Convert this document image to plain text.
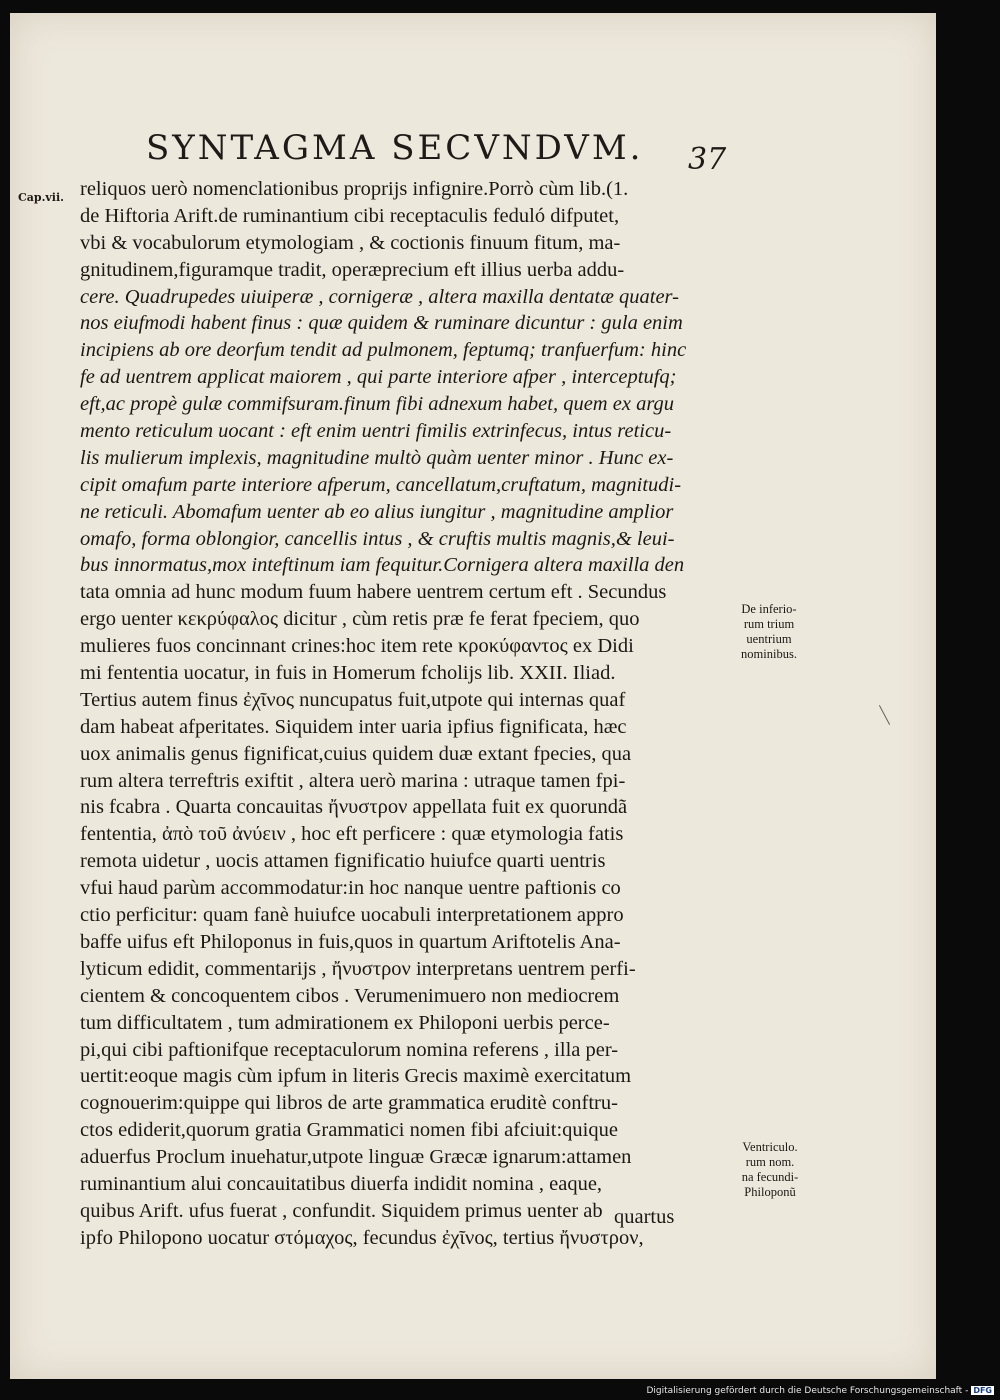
SYNTAGMA SECVNDVM. 37
Cap.vii. reliquos uerò nomenclationibus proprijs infignire.Porrò cùm lib.(1.
de Hiftoria Arift.de ruminantium cibi receptaculis feduló difputet,
vbi & vocabulorum etymologiam , & coctionis finuum fitum, ma-
gnitudinem,figuramque tradit, operæprecium eft illius uerba addu-
cere. Quadrupedes uiuiperæ , cornigeræ , altera maxilla dentatæ quater-
nos eiufmodi habent finus : quæ quidem & ruminare dicuntur : gula enim
incipiens ab ore deorfum tendit ad pulmonem, feptumq; tranfuerfum: hinc
fe ad uentrem applicat maiorem , qui parte interiore afper , interceptufq;
eft,ac propè gulæ commifsuram.finum fibi adnexum habet, quem ex argu
mento reticulum uocant : eft enim uentri fimilis extrinfecus, intus reticu-
lis mulierum implexis, magnitudine multò quàm uenter minor . Hunc ex-
cipit omafum parte interiore afperum, cancellatum,cruftatum, magnitudi-
ne reticuli. Abomafum uenter ab eo alius iungitur , magnitudine amplior
omafo, forma oblongior, cancellis intus , & cruftis multis magnis,& leui-
bus innormatus,mox inteftinum iam fequitur.Cornigera altera maxilla den
tata omnia ad hunc modum fuum habere uentrem certum eft . Secundus
ergo uenter κεκρύφαλος dicitur , cùm retis præ fe ferat fpeciem, quo
mulieres fuos concinnant crines:hoc item rete κροκύφαντος ex Didi
mi fententia uocatur, in fuis in Homerum fcholijs lib. XXII. Iliad.
Tertius autem finus ἐχῖνος nuncupatus fuit,utpote qui internas quaf
dam habeat afperitates. Siquidem inter uaria ipfius fignificata, hæc
uox animalis genus fignificat,cuius quidem duæ extant fpecies, qua
rum altera terreftris exiftit , altera uerò marina : utraque tamen fpi-
nis fcabra . Quarta concauitas ἤνυστρον appellata fuit ex quorundã
fententia, ἀπὸ τοῦ ἀνύειν , hoc eft perficere : quæ etymologia fatis
remota uidetur , uocis attamen fignificatio huiufce quarti uentris
vfui haud parùm accommodatur:in hoc nanque uentre paftionis co
ctio perficitur: quam fanè huiufce uocabuli interpretationem appro
baffe uifus eft Philoponus in fuis,quos in quartum Ariftotelis Ana-
lyticum edidit, commentarijs , ἤνυστρον interpretans uentrem perfi-
cientem & concoquentem cibos . Verumenimuero non mediocrem
tum difficultatem , tum admirationem ex Philoponi uerbis perce-
pi,qui cibi paftionifque receptaculorum nomina referens , illa per-
uertit:eoque magis cùm ipfum in literis Grecis maximè exercitatum
cognouerim:quippe qui libros de arte grammatica eruditè conftru-
ctos ediderit,quorum gratia Grammatici nomen fibi afciuit:quique
aduerfus Proclum inuehatur,utpote linguæ Græcæ ignarum:attamen
ruminantium alui concauitatibus diuerfa indidit nomina , eaque,
quibus Arift. ufus fuerat , confundit. Siquidem primus uenter ab
ipfo Philopono uocatur στόμαχος, fecundus ἐχῖνος, tertius ἤνυστρον,
quartus
De inferio-
rum trium
uentrium
nominibus.
Ventriculo.
rum nom.
na fecundi-
Philoponũ
Digitalisierung gefördert durch die Deutsche Forschungsgemeinschaft - DFG
